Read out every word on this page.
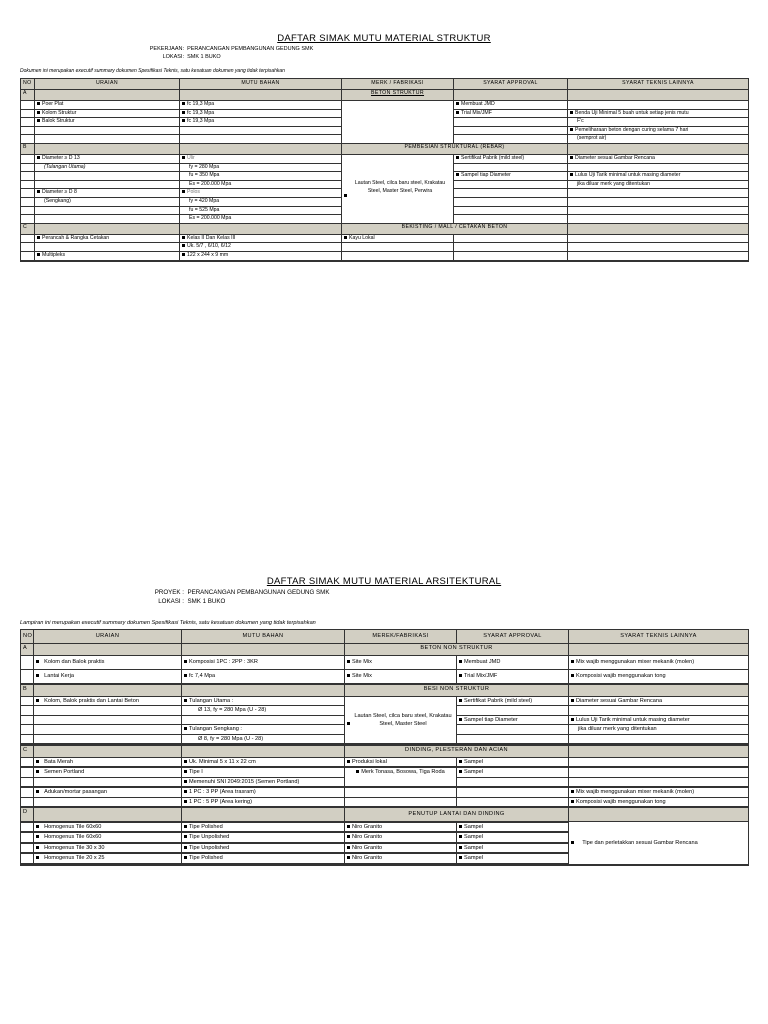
DAFTAR SIMAK MUTU MATERIAL STRUKTUR
PEKERJAAN: PERANCANGAN PEMBANGUNAN GEDUNG SMK
LOKASI: SMK 1 BUKO
Dokumen ini merupakan executif summary dokumen Spesifikasi Teknis, satu kesatuan dokumen yang tidak terpisahkan
NO	URAIAN	MUTU BAHAN	MERK / FABRIKASI	SYARAT APPROVAL	SYARAT TEKNIS LAINNYA
A			BETON STRUKTUR		
	Poer Plat	fc 19,3 Mpa		Membuat JMD	
	Kolom Struktur	fc 19,3 Mpa		Trial Mix/JMF	Benda Uji Minimal 5 buah untuk setiap jenis mutu
	Balok Struktur	fc 19,3 Mpa			F'c
					Pemeliharaan beton dengan curing selama 7 hari
					(semprot air)
B			PEMBESIAN STRUKTURAL (REBAR)		
	Diameter ≥ D 13	Ulir	Lautan Steel, cilca baru steel, Krakatau Steel, Master Steel, Perwira	Sertifikat Pabrik (mild steel)	Diameter sesuai Gambar Rencana
	(Tulangan Utama)	fy = 280 Mpa			
		fu = 350 Mpa		Sampel tiap Diameter	Lulus Uji Tarik minimal untuk masing diameter
		Es = 200.000 Mpa			jika diluar merk yang ditentukan
	Diameter ≥ D 8	Polos			
	(Sengkang)	fy = 420 Mpa			
		fu = 525 Mpa			
		Es = 200.000 Mpa			
C			BEKISTING / MALL / CETAKAN BETON		
	Perancah & Rangka Cetakan	Kelas II Dan Kelas III	Kayu Lokal		
		Uk. 5/7 , 6/10, 6/12			
	Multipleks	122 x 244 x 9 mm			

DAFTAR SIMAK MUTU MATERIAL ARSITEKTURAL
PROYEK : PERANCANGAN PEMBANGUNAN GEDUNG SMK
LOKASI : SMK 1 BUKO
Lampiran ini merupakan executif summary dokumen Spesifikasi Teknis, satu kesatuan dokumen yang tidak terpisahkan
NO	URAIAN	MUTU BAHAN	MEREK/FABRIKASI	SYARAT APPROVAL	SYARAT TEKNIS LAINNYA
A			BETON NON STRUKTUR		
	Kolom dan Balok praktis	Komposisi 1PC : 2PP : 3KR	Site Mix	Membuat JMD	Mix wajib menggunakan mixer mekanik (molen)
	Lantai Kerja	fc 7,4 Mpa	Site Mix	Trial Mix/JMF	Komposisi wajib menggunakan tong

B			BESI NON STRUKTUR		
	Kolom, Balok praktis dan Lantai Beton	Tulangan Utama :	Lautan Steel, cilca baru steel, Krakatau Steel, Master Steel	Sertifikat Pabrik (mild steel)	Diameter sesuai Gambar Rencana
		Ø 13, fy = 280 Mpa (U - 28)			
				Sampel tiap Diameter	Lulus Uji Tarik minimal untuk masing diameter
		Tulangan Sengkang :			jika diluar merk yang ditentukan
		Ø 8, fy = 280 Mpa (U - 28)			

C			DINDING, PLESTERAN DAN ACIAN		
	Bata Merah	Uk. Minimal 5 x 11 x 22 cm	Produksi lokal	Sampel	

	Semen Portland	Tipe I	Merk Tonasa, Bosowa, Tiga Roda	Sampel	
		Memenuhi SNI 2049:2015 (Semen Portland)			

	Adukan/mortar pasangan	1 PC : 3 PP (Area trasram)			Mix wajib menggunakan mixer mekanik (molen)
		1 PC : 5 PP (Area kering)			Komposisi wajib menggunakan tong

D			PENUTUP LANTAI DAN DINDING		
					Tipe dan perletakkan sesuai Gambar Rencana
	Homogenus Tile 60x60	Tipe Polished	Niro Granito	Sampel	

	Homogenus Tile 60x60	Tipe Unpolished	Niro Granito	Sampel	

	Homogenus Tile 30 x 30	Tipe Unpolished	Niro Granito	Sampel	

	Homogenus Tile 20 x 25	Tipe Polished	Niro Granito	Sampel	
